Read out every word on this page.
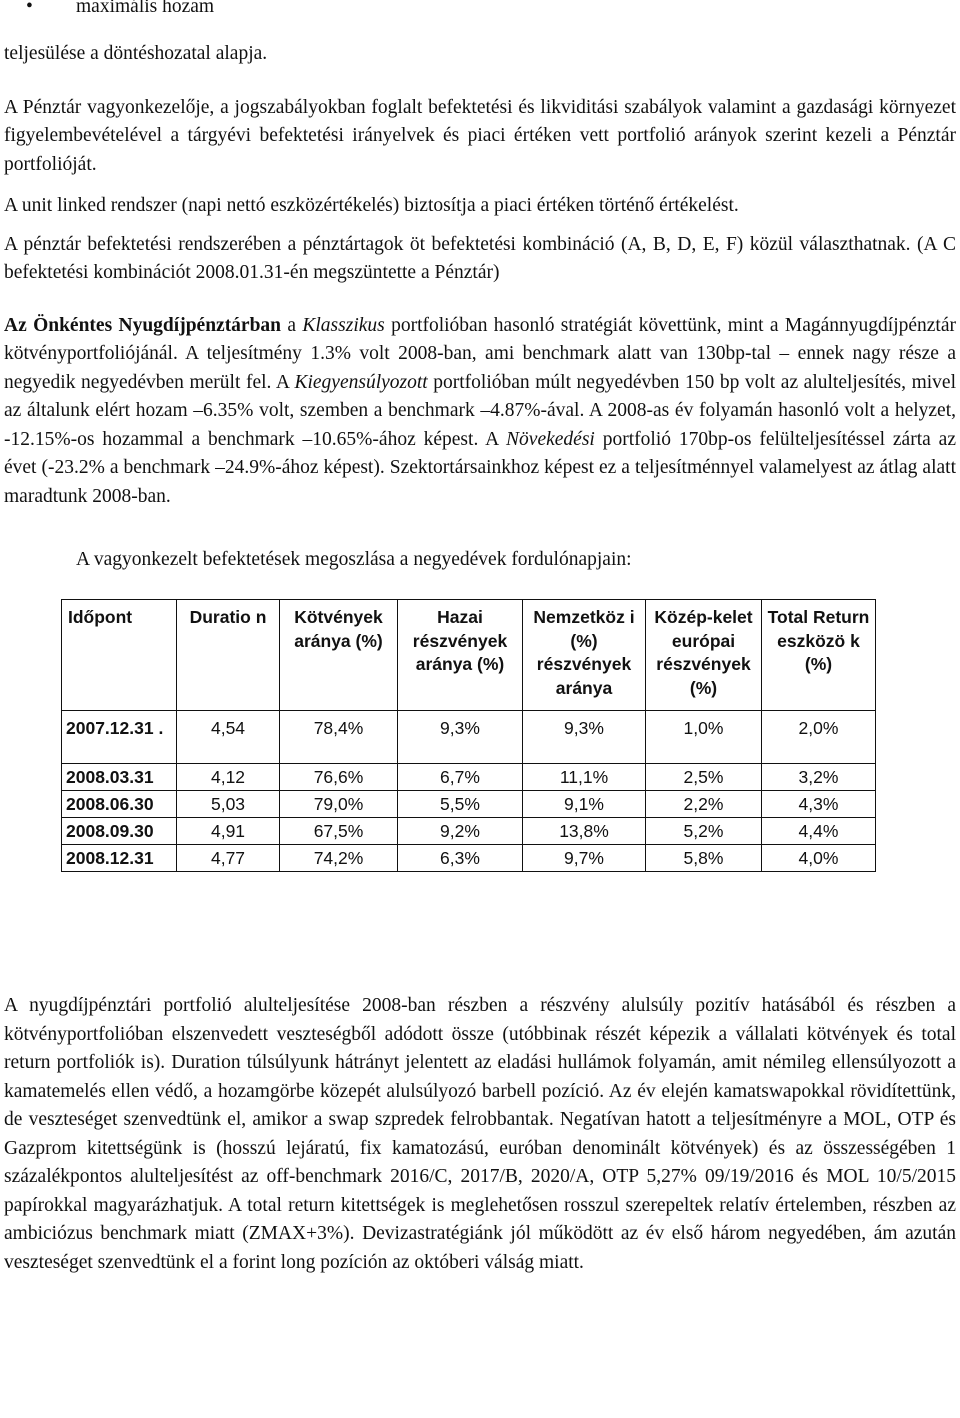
• maximális hozam

teljesülése a döntéshozatal alapja.

A Pénztár vagyonkezelője, a jogszabályokban foglalt befektetési és likviditási szabályok valamint a gazdasági környezet figyelembevételével a tárgyévi befektetési irányelvek és piaci értéken vett portfolió arányok szerint kezeli a Pénztár portfolióját.

A unit linked rendszer (napi nettó eszközértékelés) biztosítja a piaci értéken történő értékelést.

A pénztár befektetési rendszerében a pénztártagok öt befektetési kombináció (A, B, D, E, F) közül választhatnak. (A C befektetési kombinációt 2008.01.31-én megszüntette a Pénztár)

Az Önkéntes Nyugdíjpénztárban a Klasszikus portfolióban hasonló stratégiát követtünk, mint a Magánnyugdíjpénztár kötvényportfoliójánál. A teljesítmény 1.3% volt 2008-ban, ami benchmark alatt van 130bp-tal – ennek nagy része a negyedik negyedévben merült fel. A Kiegyensúlyozott portfolióban múlt negyedévben 150 bp volt az alulteljesítés, mivel az általunk elért hozam –6.35% volt, szemben a benchmark –4.87%-ával. A 2008-as év folyamán hasonló volt a helyzet, -12.15%-os hozammal a benchmark –10.65%-ához képest. A Növekedési portfolió 170bp-os felülteljesítéssel zárta az évet (-23.2% a benchmark –24.9%-ához képest). Szektortársainkhoz képest ez a teljesítménnyel valamelyest az átlag alatt maradtunk 2008-ban.

A vagyonkezelt befektetések megoszlása a negyedévek fordulónapjain:

Időpont	Duratio n	Kötvények aránya (%)	Hazai részvények aránya (%)	Nemzetköz i (%) részvények aránya	Közép-kelet európai részvények (%)	Total Return eszközö k (%)
2007.12.31 .	4,54	78,4%	9,3%	9,3%	1,0%	2,0%
2008.03.31	4,12	76,6%	6,7%	11,1%	2,5%	3,2%
2008.06.30	5,03	79,0%	5,5%	9,1%	2,2%	4,3%
2008.09.30	4,91	67,5%	9,2%	13,8%	5,2%	4,4%
2008.12.31	4,77	74,2%	6,3%	9,7%	5,8%	4,0%

A nyugdíjpénztári portfolió alulteljesítése 2008-ban részben a részvény alulsúly pozitív hatásából és részben a kötvényportfolióban elszenvedett veszteségből adódott össze (utóbbinak részét képezik a vállalati kötvények és total return portfoliók is). Duration túlsúlyunk hátrányt jelentett az eladási hullámok folyamán, amit némileg ellensúlyozott a kamatemelés ellen védő, a hozamgörbe közepét alulsúlyozó barbell pozíció. Az év elején kamatswapokkal rövidítettünk, de veszteséget szenvedtünk el, amikor a swap szpredek felrobbantak. Negatívan hatott a teljesítményre a MOL, OTP és Gazprom kitettségünk is (hosszú lejáratú, fix kamatozású, euróban denominált kötvények) és az összességében 1 százalékpontos alulteljesítést az off-benchmark 2016/C, 2017/B, 2020/A, OTP 5,27% 09/19/2016 és MOL 10/5/2015 papírokkal magyarázhatjuk. A total return kitettségek is meglehetősen rosszul szerepeltek relatív értelemben, részben az ambiciózus benchmark miatt (ZMAX+3%). Devizastratégiánk jól működött az év első három negyedében, ám azután veszteséget szenvedtünk el a forint long pozíción az októberi válság miatt.
